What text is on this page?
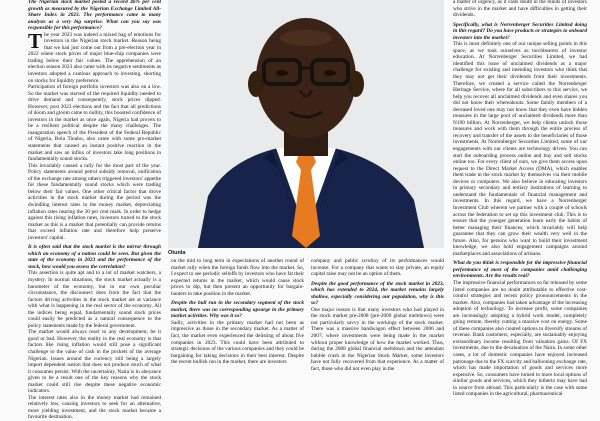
The Nigerian stock market posted a record 46% per cent growth as measured by the Nigerian Exchange Limited All-Share Index in 2023. The performance came to many analysts as a very big surprise. What can you say was responsible for this performance?

The year 2023 was indeed a mixed bag of emotions for investors in the Nigerian stock market. Reason being that we had just come out from a pre-election year in 2022 where stock prices of major blue-chip companies were trading below their fair values. The apprehension of an election season 2023 also came with its negative sentiments as investors adopted a cautious approach to investing, shorting on stocks for liquidity preference.

Participation of foreign portfolio investors was also on a low. So the market was starved of the required liquidity needed to drive demand and consequently, stock prices dipped. However, post 2023 elections and the fact that all predictions of doom and gloom came to nullity, this boosted confidence of investors in the market as once again, Nigeria had proven to be a resilient political despite the many challenges. The inauguration speech of the President of the Federal Republic of Nigeria, Bola Tinubu, also came with some pro-market statements that caused an instant positive reaction in the market and saw an influx of investors take long positions in fundamentally sound stocks.

This invariably caused a rally for the most part of the year. Policy statements around petrol subsidy removal, unification of the exchange rate among others triggered investors' appetite for these fundamentally sound stocks which were trading below their fair values. One other critical factor that drove activities in the stock market during the period was the dwindling interest rates in the money market, depreciating inflation rates nearing the 30 per cent mark. In order to hedge against this rising inflation rates, investors turned to the stock market as this is a market that potentially can provide returns that exceed inflation rate and therefore help preserve investors' capital.

It is often said that the stock market is the mirror through which an economy of a nation could be seen. But given the state of the economy in 2023 and the performance of the stock, how would you assess the correlation?

This assertion is quite apt and to a lot of market watchers, a mystery. In normal situations, the stock market actually is a barometer of the economy, but in our own peculiar circumstance, the disconnect does from the fact that the factors driving activities in the stock market are at variance with what is happening in the real sector of the economy. All the indices being equal, fundamentally sound stock prices could easily be predicted as a natural consequence to the policy statements made by the federal government.

The market would always react to any development, be it good or bad. However, the reality in the real economy is that factors like rising inflation would still pose a significant challenge to the value of cash in the pockets of the average Nigerian. Issues around the currency still being a largely import dependent nation that does not produce much of what it consumes persist. With the uncertainty, Naira is in abeyance given to be a result one of the key reasons why the stock market could still rise despite these negative economic indicators.

The interest rates also in the money market had remained relatively low, causing investors to seek for an alternative, more yielding investment, and the stock market became a favourite destination.

Otunla

on the mid to long term in expectations of another round of market rally when the foreign funds flow into the market. So, I expect to see periodic selloffs by investors who have fat their expected returns in the market, which would cause stock prices to dip, but then present an opportunity for bargain-hunters to take position in the market.

Despite the bull run in the secondary segment of the stock market, there was no corresponding upsurge in the primary market activities. Why was it so?

Sadly, activities in the primary market had not been as impressive as those in the secondary market. As a matter of fact, the market even experienced the delisting of about five companies in 2023. This could have been attributed to strategic decisions of the various companies and they could be bargaining for taking decisions in their best interest. Despite the recent bullish run in the market, there are investors

company and public scrutiny of its performances would increase. For a company that wants to stay private, an equity capital raise may not be an option of them.

Despite the good performance of the stock market in 2023, which has extended to 2024, the market remains largely shallow, especially considering our population, why is this so?

One major reason is that many investors who had played in the stock market pre-2008 (pre-2009 global meltdown) were not particularly savvy in the workings of the stock market. There was a massive bandwagon effect between 2006 and 2007, where investments were being made in the market without proper knowledge of how the market worked. Thus, during the 2008 global financial meltdown and the attendant bubble crash in the Nigerian Stock Market, some investors have not fully recovered from that experience. As a matter of fact, those who did not even play in the

a matter of urgency, as it casts doubt in the minds of investors who strive in the market and have difficulties in getting their dividends.

Specifically, what is Norrenberger Securities Limited doing in this regard? Do you have products or strategies to onboard investors into the market?

This is most definitely one of our unique selling points in this space, as we took ourselves as torchbearers of investor education. At Norrenberger Securities Limited, we had identified this issue of unclaimed dividends as a major challenge for existing and intending investors who think that they may not get their dividends from their investments. Therefore, we created a service called the Norrenberger Heritage Service, where for all subscribers to this service, we help you recover all unclaimed dividends and even shares you did not know their whereabouts. Some family members of a deceased loved one may not know that they even have hidden treasures in the large pool of unclaimed dividends more than N190 billion. At Norrenberger, we help clients unlock those treasures and work with them through the entire process of recovery and transfer of the assets to the beneficiaries of those investments. At Norrenberger Securities Limited, some of our engagements with our clients are technology driven. You can start the onboarding process online and buy and sell stocks online too. For every client of ours, we give them access upon request to the Direct Market Access (DMA), which enables them trade in the stock market by themselves via their mobile devices or computers. We also believe in educating investors in primary secondary and tertiary institutions of learning to understand the fundamentals of financial management and investments. In this regard, we have a Norrenberger Investment Club wherein we partner with a couple of schools across the federation to set up this investment club. This is to ensure that the younger generation learn early the habits of better managing their finances, which invariably will help guarantee that they can grow their wealth very well in the future. Also, for persons who want to build their investment knowledge, we also hold engagement campaigns around marketplaces and associations of artisans.

What do you think is responsible for the impressive financial performance of most of the companies amid challenging environments. Are the results real?

The impressive financial performances so far released by some listed companies are no doubt attributable to effective cost-control strategies and recent policy pronouncements in the market. Also, companies had taken advantage of the increasing adoption of technology. To increase profit, some companies are increasingly adopting a hybrid work model, completely going remote, thereby cutting a massive cost on energy. Some of these companies also created options to diversify streams of revenue. Bank customers, especially, are sustainably enjoying extraordinary income resulting from valuation gains. Of FX investments, due to the devaluation of the Naira. In some other cases, a lot of domestic companies have enjoyed increased patronage due to the FX scarcity and ballooning exchange rate, which has made importation of goods and services more expensive. So, consumers have turned to more local options of similar goods and services, which they hitherto may have had to source from abroad. This particularly is the case with some listed companies in the agricultural, pharmaceutical
